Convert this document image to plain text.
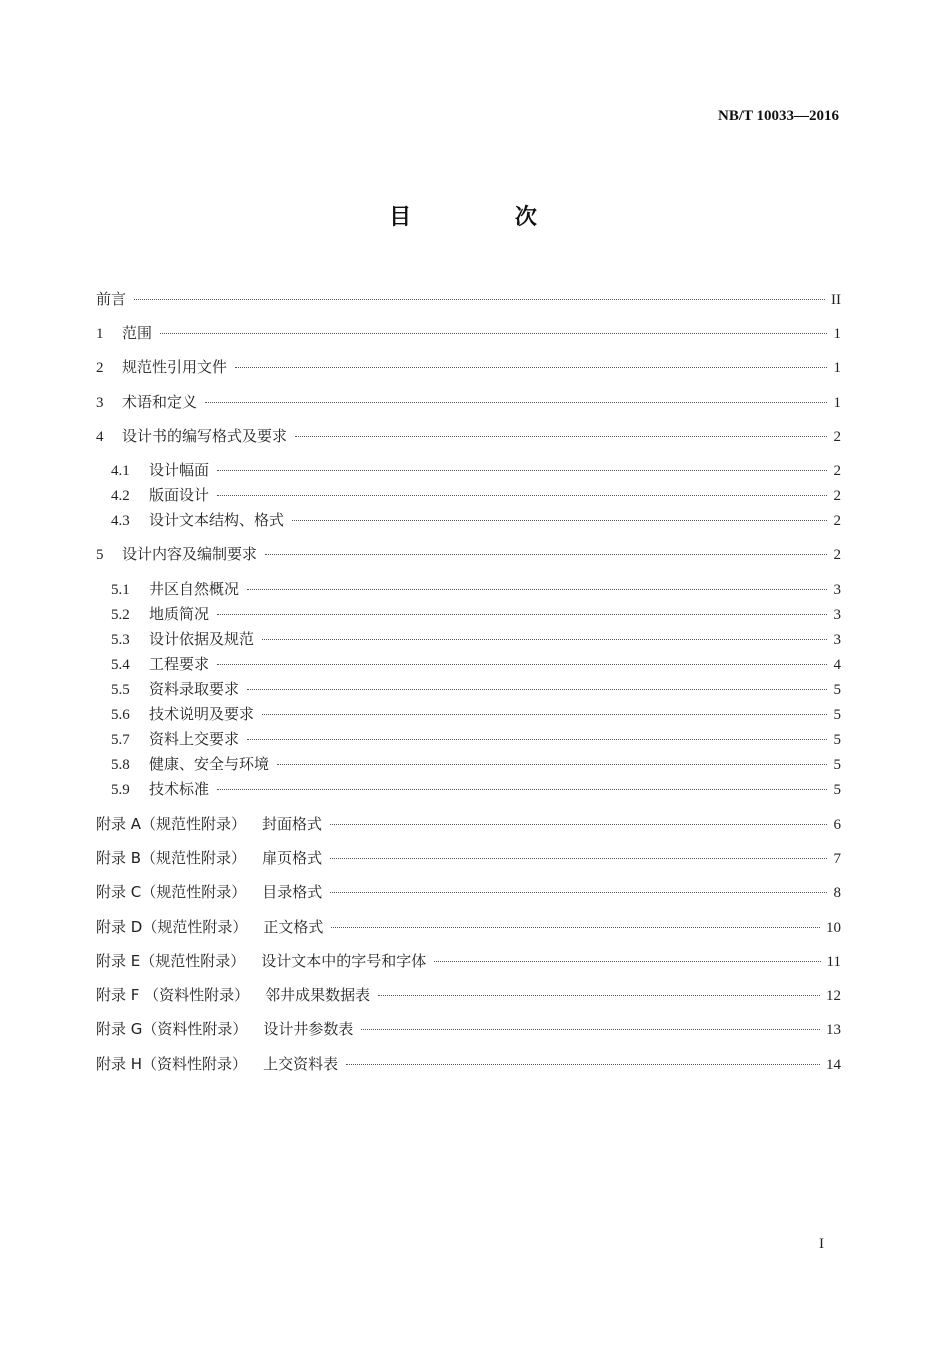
NB/T 10033—2016
目 次
前言	II
1	范围	1
2	规范性引用文件	1
3	术语和定义	1
4	设计书的编写格式及要求	2
4.1	设计幅面	2
4.2	版面设计	2
4.3	设计文本结构、格式	2
5	设计内容及编制要求	2
5.1	井区自然概况	3
5.2	地质简况	3
5.3	设计依据及规范	3
5.4	工程要求	4
5.5	资料录取要求	5
5.6	技术说明及要求	5
5.7	资料上交要求	5
5.8	健康、安全与环境	5
5.9	技术标准	5
附录 A（规范性附录） 封面格式	6
附录 B（规范性附录） 扉页格式	7
附录 C（规范性附录） 目录格式	8
附录 D（规范性附录） 正文格式	10
附录 E（规范性附录） 设计文本中的字号和字体	11
附录 F （资料性附录） 邻井成果数据表	12
附录 G（资料性附录） 设计井参数表	13
附录 H（资料性附录） 上交资料表	14
I
